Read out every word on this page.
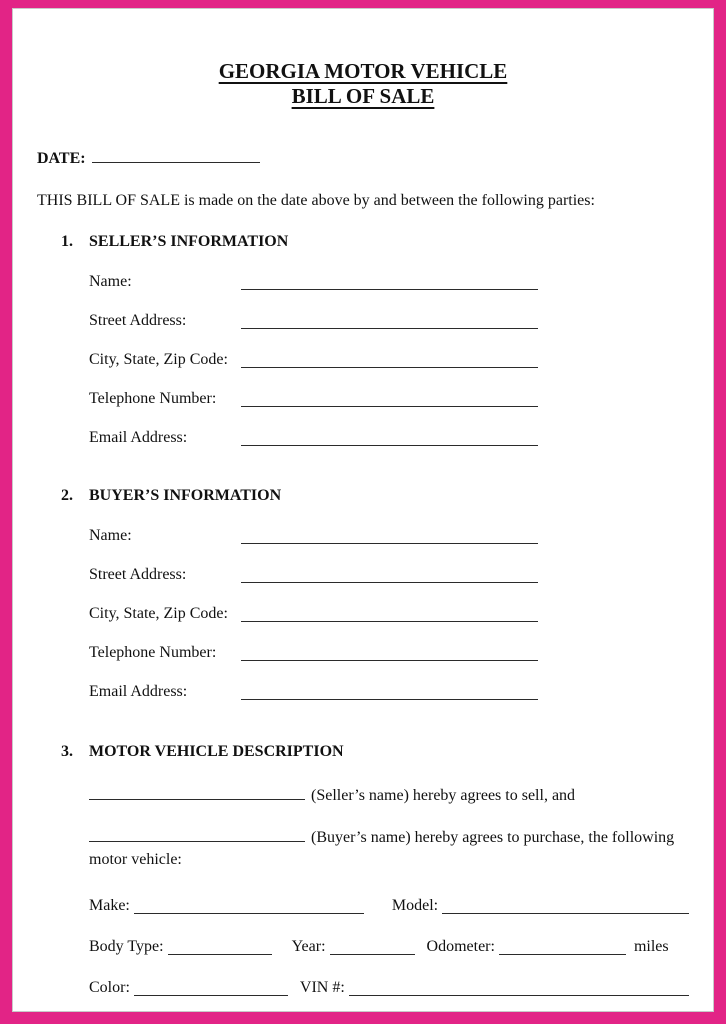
GEORGIA MOTOR VEHICLE
BILL OF SALE
DATE:

THIS BILL OF SALE is made on the date above by and between the following parties:

1.	SELLER’S INFORMATION
Name:
Street Address:
City, State, Zip Code:
Telephone Number:
Email Address:
2.	BUYER’S INFORMATION
Name:
Street Address:
City, State, Zip Code:
Telephone Number:
Email Address:
3.	MOTOR VEHICLE DESCRIPTION
(Seller’s name) hereby agrees to sell, and

(Buyer’s name) hereby agrees to purchase, the following motor vehicle:

Make:	Model:
Body Type:	Year:	Odometer:	miles
Color:	VIN #:
